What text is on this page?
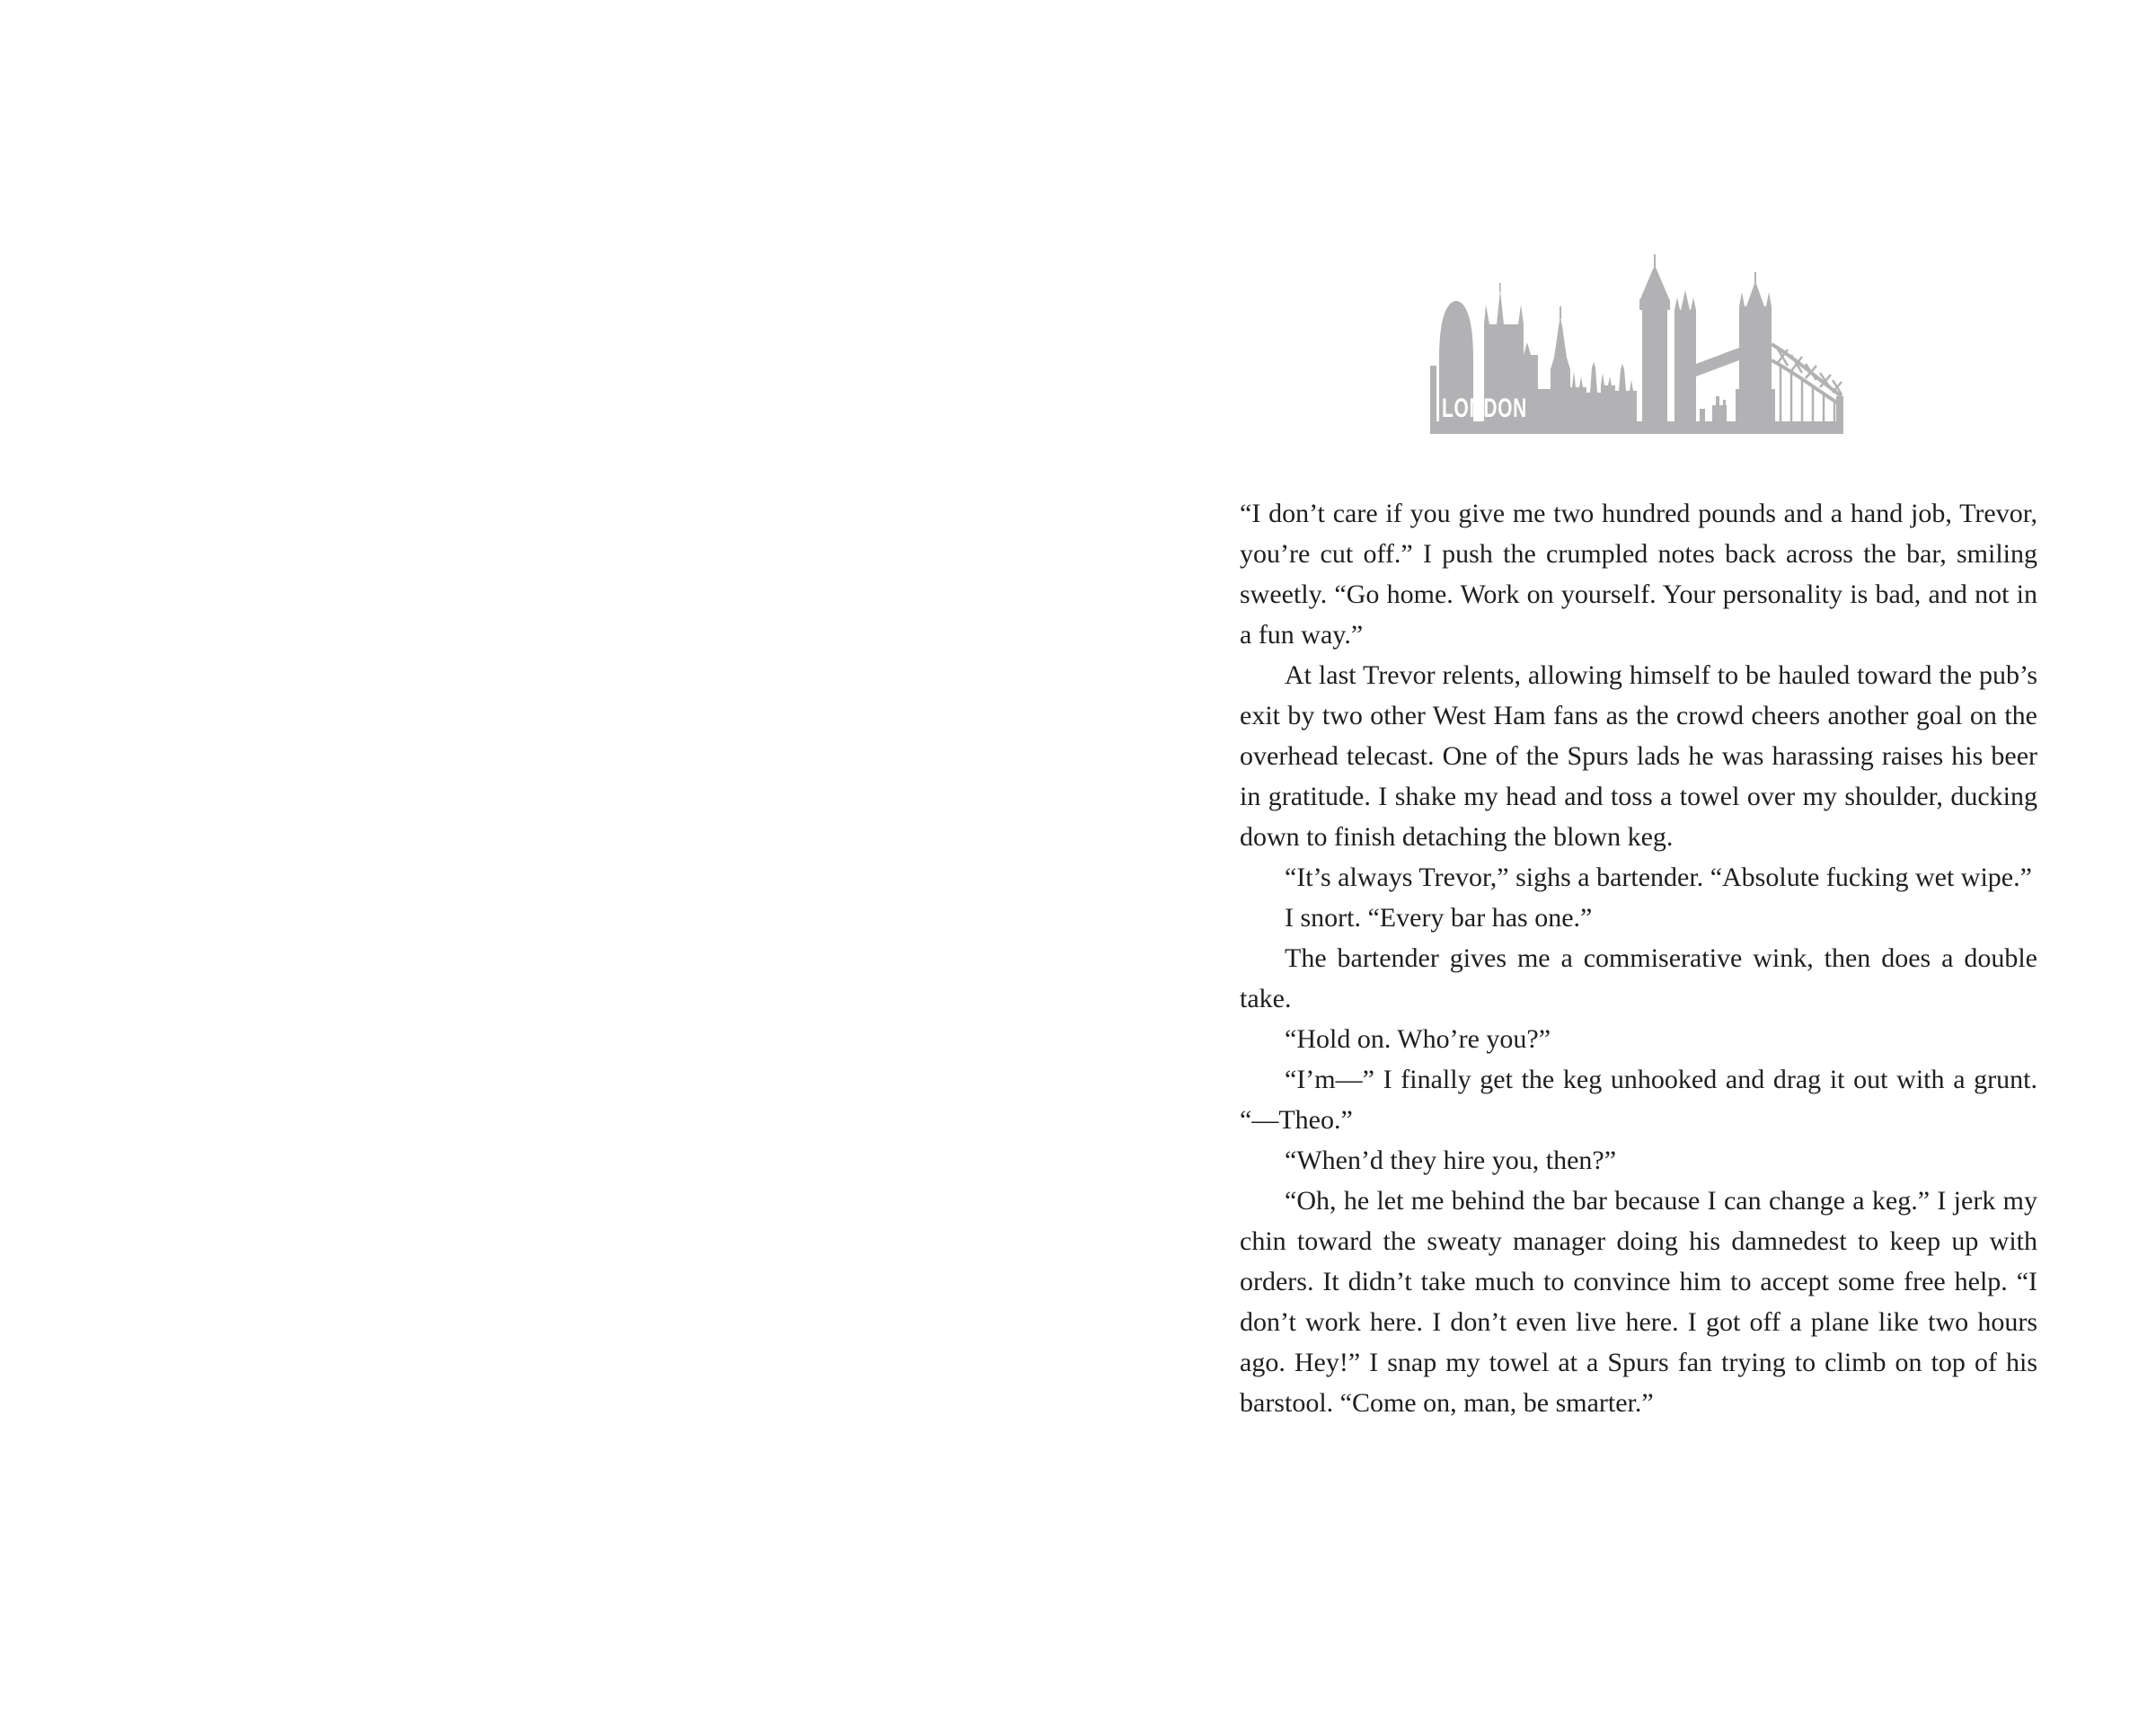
LONDON

“I don’t care if you give me two hundred pounds and a hand job, Trevor, you’re cut off.” I push the crumpled notes back across the bar, smiling sweetly. “Go home. Work on yourself. Your personality is bad, and not in a fun way.”

At last Trevor relents, allowing himself to be hauled toward the pub’s exit by two other West Ham fans as the crowd cheers another goal on the overhead telecast. One of the Spurs lads he was harassing raises his beer in gratitude. I shake my head and toss a towel over my shoulder, ducking down to finish detaching the blown keg.

“It’s always Trevor,” sighs a bartender. “Absolute fucking wet wipe.”

I snort. “Every bar has one.”

The bartender gives me a commiserative wink, then does a double take.

“Hold on. Who’re you?”

“I’m—” I finally get the keg unhooked and drag it out with a grunt. “—Theo.”

“When’d they hire you, then?”

“Oh, he let me behind the bar because I can change a keg.” I jerk my chin toward the sweaty manager doing his damnedest to keep up with orders. It didn’t take much to convince him to accept some free help. “I don’t work here. I don’t even live here. I got off a plane like two hours ago. Hey!” I snap my towel at a Spurs fan trying to climb on top of his barstool. “Come on, man, be smarter.”
